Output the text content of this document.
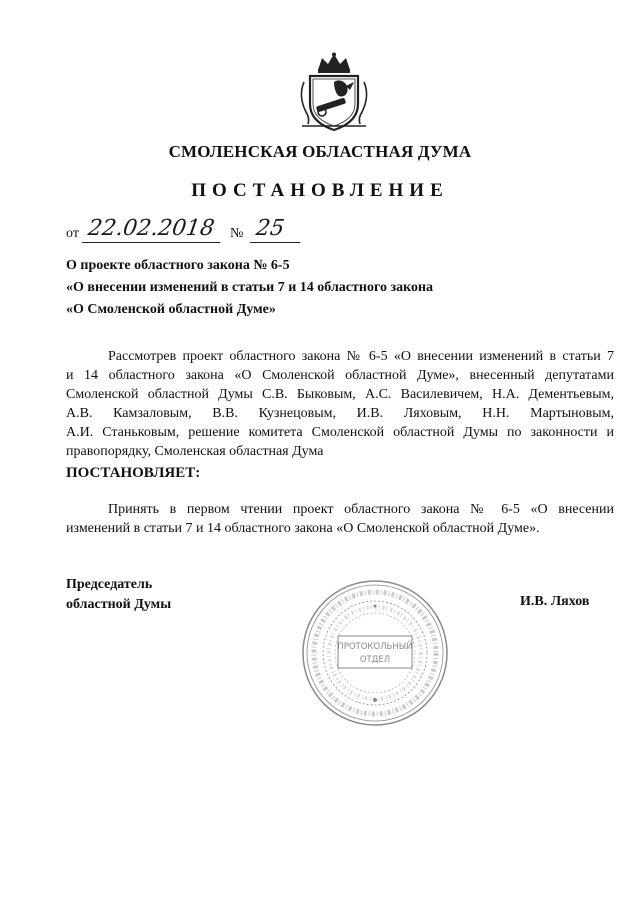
СМОЛЕНСКАЯ ОБЛАСТНАЯ ДУМА
ПОСТАНОВЛЕНИЕ
от 22.02.2018	№ 25
О проекте областного закона № 6-5
«О внесении изменений в статьи 7 и 14 областного закона
«О Смоленской областной Думе»
Рассмотрев проект областного закона № 6-5 «О внесении изменений в статьи 7
и 14 областного закона «О Смоленской областной Думе», внесенный депутатами
Смоленской областной Думы С.В. Быковым, А.С. Василевичем, Н.А. Дементьевым,
А.В. Камзаловым, В.В. Кузнецовым, И.В. Ляховым, Н.Н. Мартыновым,
А.И. Станьковым, решение комитета Смоленской областной Думы по законности и
правопорядку, Смоленская областная Дума
ПОСТАНОВЛЯЕТ:
Принять в первом чтении проект областного закона № 6-5 «О внесении
изменений в статьи 7 и 14 областного закона «О Смоленской областной Думе».
Председатель
областной Думы
ПРОТОКОЛЬНЫЙ
ОТДЕЛ
И.В. Ляхов
